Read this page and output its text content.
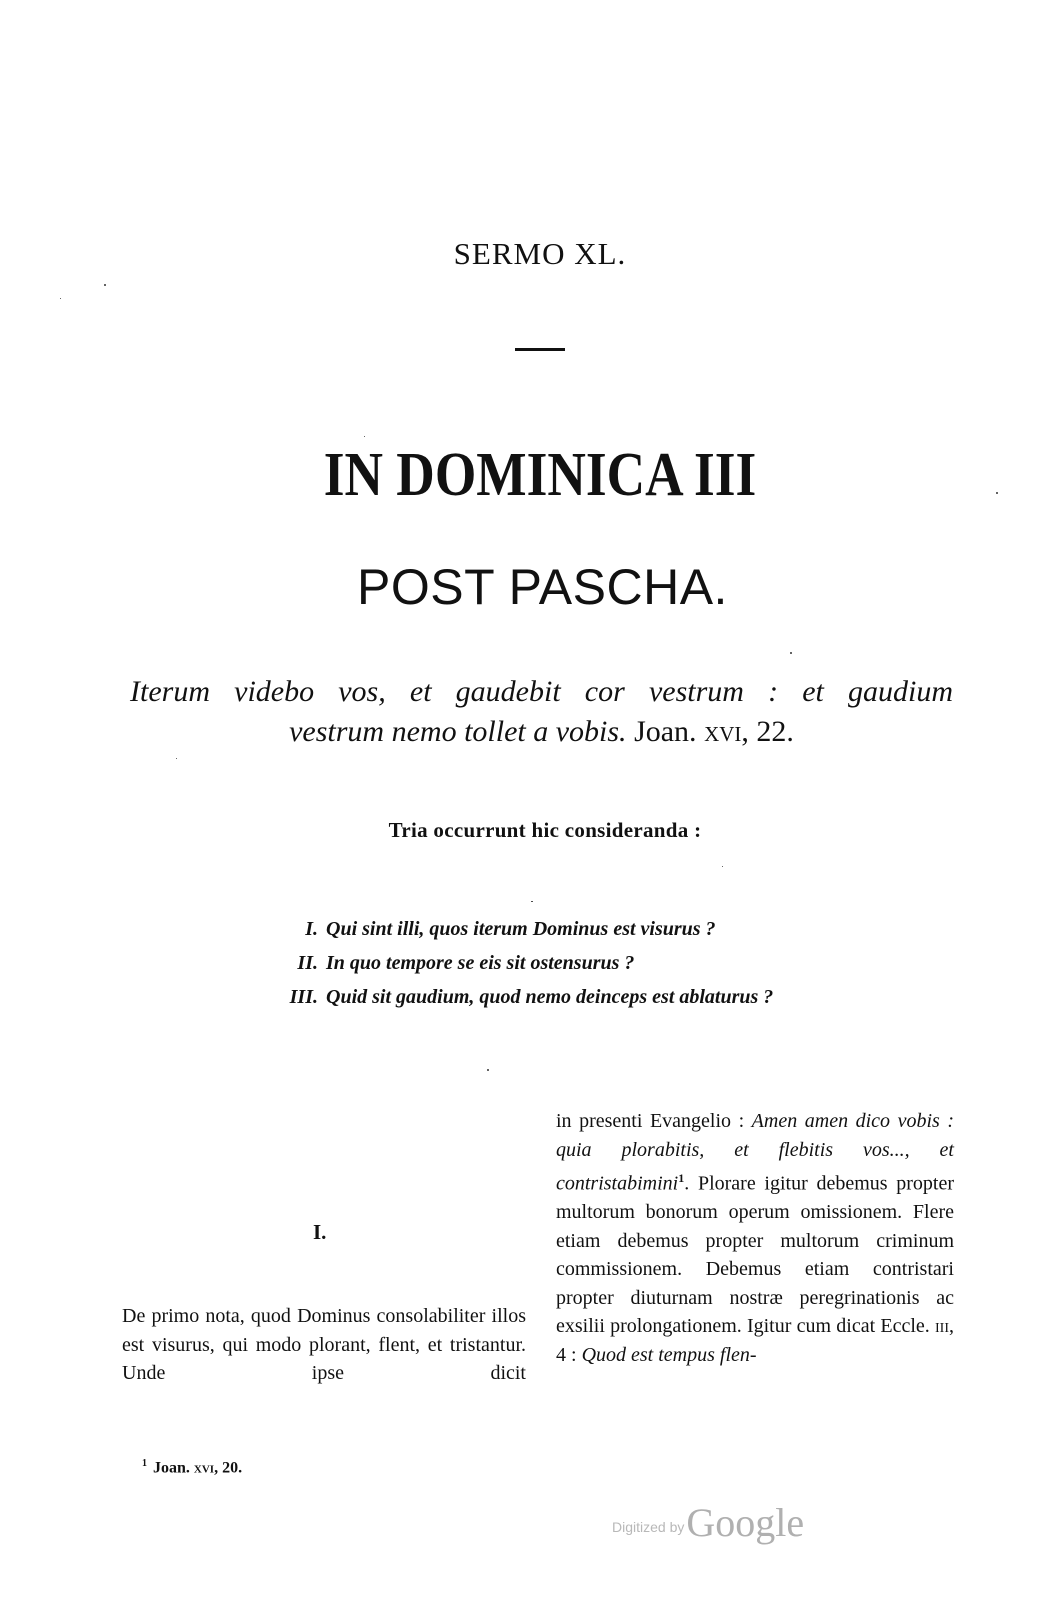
SERMO XL.
IN DOMINICA III
POST PASCHA.
Iterum videbo vos, et gaudebit cor vestrum : et gaudium
vestrum nemo tollet a vobis. Joan. xvi, 22.
Tria occurrunt hic consideranda :
I. Qui sint illi, quos iterum Dominus est visurus ?
II. In quo tempore se eis sit ostensurus ?
III. Quid sit gaudium, quod nemo deinceps est ablaturus ?
I.
De primo nota, quod Dominus consolabiliter illos est visurus, qui modo plorant, flent, et tristantur. Unde ipse dicit
in presenti Evangelio : Amen amen dico vobis : quia plorabitis, et flebitis vos..., et contristabimini$^1$. Plorare igitur debemus propter multorum bonorum operum omissionem. Flere etiam debemus propter multorum criminum commissionem. Debemus etiam contristari propter diuturnam nostræ peregrinationis ac exsilii prolongationem. Igitur cum dicat Eccle. iii, 4 : Quod est tempus flen-
$^1$ Joan. xvi, 20.
Digitized byGoogle
